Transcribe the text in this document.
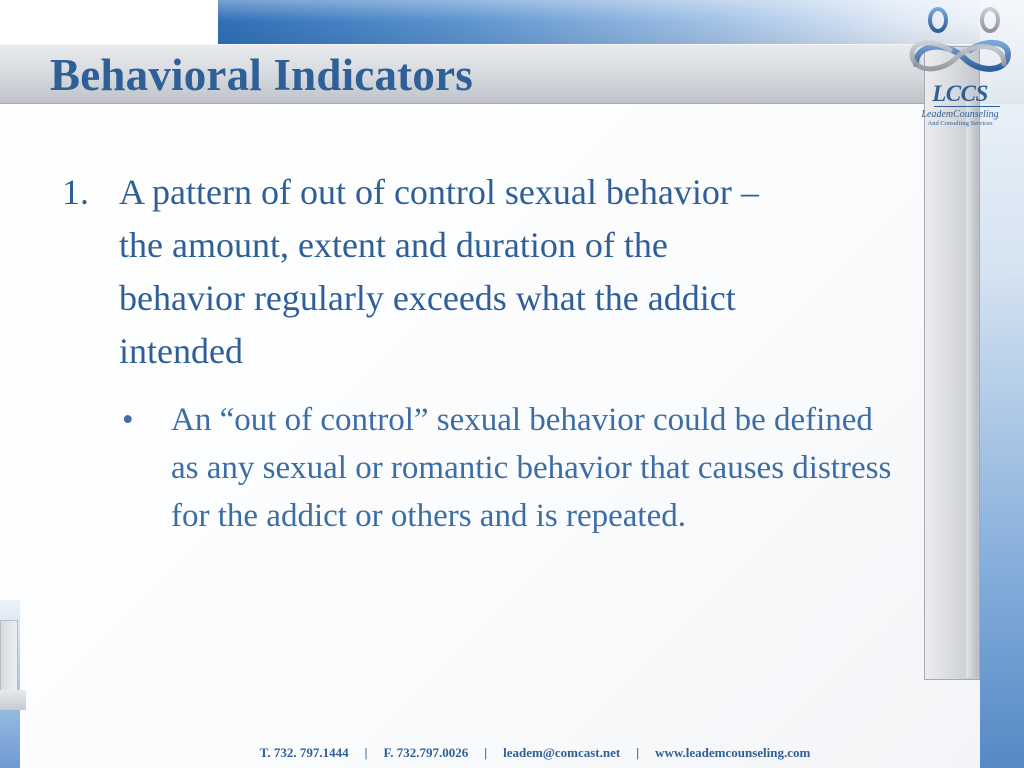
Behavioral Indicators	LCCS
LeademCounseling
And Consulting Services
1. A pattern of out of control sexual behavior – the amount, extent and duration of the behavior regularly exceeds what the addict intended
• An “out of control” sexual behavior could be defined as any sexual or romantic behavior that causes distress for the addict or others and is repeated.
T. 732. 797.1444 | F. 732.797.0026 | leadem@comcast.net | www.leademcounseling.com
